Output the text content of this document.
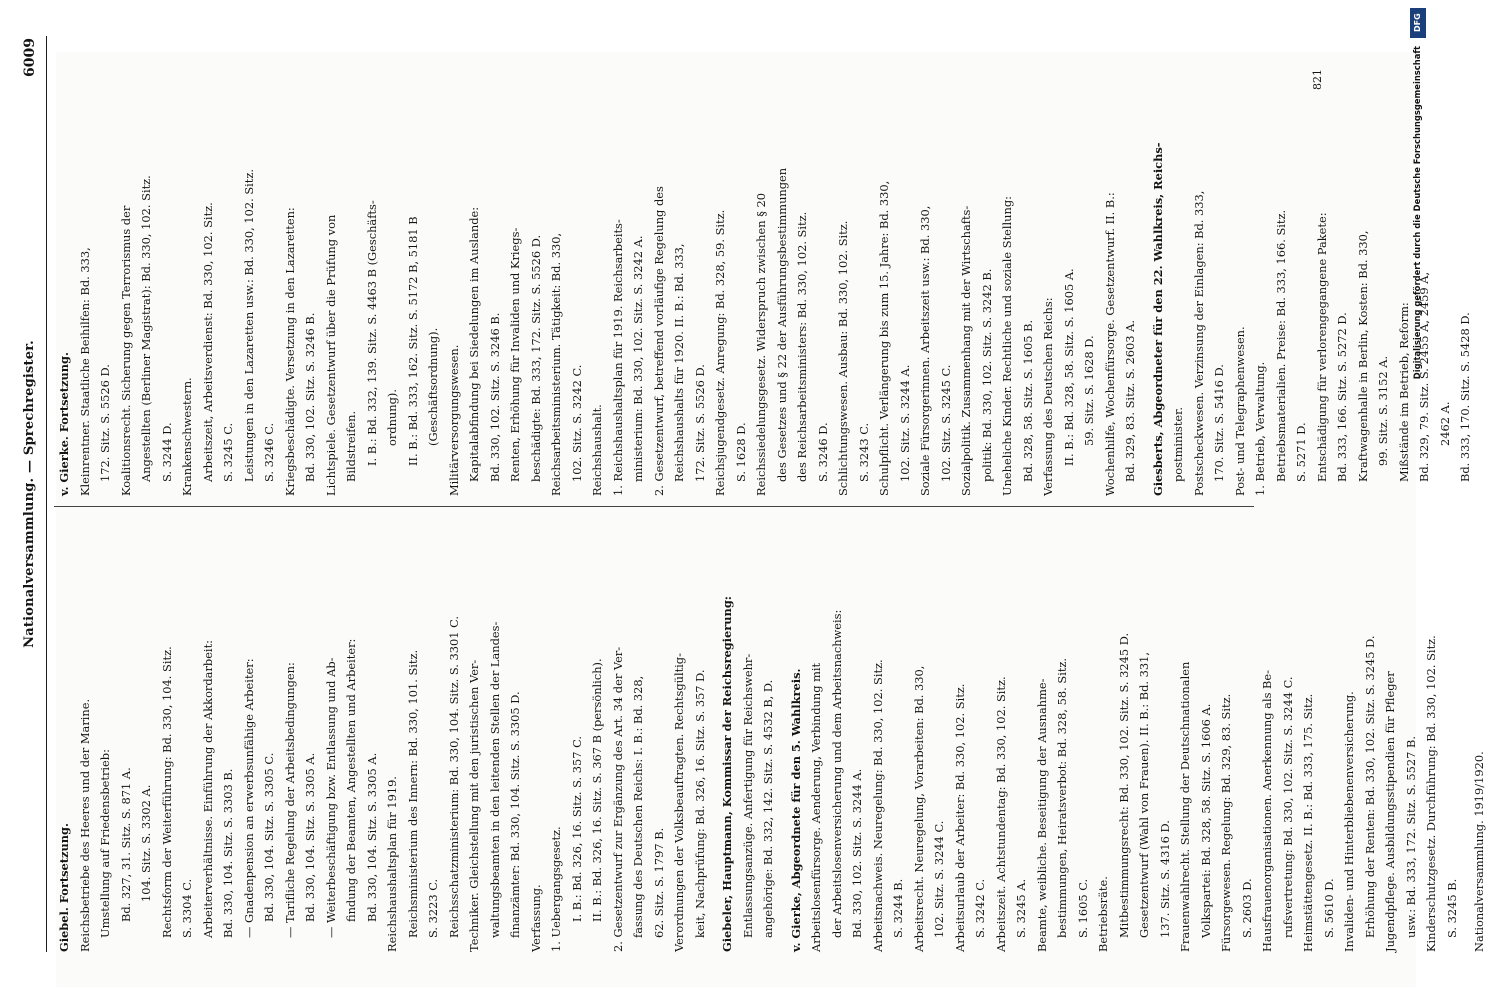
Nationalversammlung. — Sprechregister.
6009
Giebel. Fortsetzung. Reichsbetriebe des Heeres und der Marine. Umstellung auf Friedensbetrieb: Bd. 327, 31. Sitz. S. 871 A. 104. Sitz. S. 3302 A. Rechtsform der Weiterführung: Bd. 330, 104. Sitz. S. 3304 C. Arbeiterverhältnisse. Einführung der Akkordarbeit: Bd. 330, 104. Sitz. S. 3303 B. — Gnadenpension an erwerbsunfähige Arbeiter: Bd. 330, 104. Sitz. S. 3305 C. — Tarifliche Regelung der Arbeitsbedingungen: Bd. 330, 104. Sitz. S. 3305 A. — Weiterbeschäftigung bzw. Entlassung und Ab- findung der Beamten, Angestellten und Arbeiter: Bd. 330, 104. Sitz. S. 3305 A. Reichshaushaltsplan für 1919. Reichsministerium des Innern: Bd. 330, 101. Sitz. S. 3223 C. Reichsschatzministerium: Bd. 330, 104. Sitz. S. 3301 C. Techniker. Gleichstellung mit den juristischen Ver- waltungsbeamten in den leitenden Stellen der Landes- finanzämter: Bd. 330, 104. Sitz. S. 3305 D. Verfassung. 1. Uebergangsgesetz. I. B.: Bd. 326, 16. Sitz. S. 357 C. II. B.: Bd. 326, 16. Sitz. S. 367 B (persönlich). 2. Gesetzentwurf zur Ergänzung des Art. 34 der Ver- fassung des Deutschen Reichs: I. B.: Bd. 328, 62. Sitz. S. 1797 B. Verordnungen der Volksbeauftragten. Rechtsgültig- keit, Nachprüfung: Bd. 326, 16. Sitz. S. 357 D.	Giebeler, Hauptmann, Kommissar der Reichsregierung: Entlassungsanzüge. Anfertigung für Reichswehr- angehörige: Bd. 332, 142. Sitz. S. 4532 B, D.	v. Gierke, Abgeordnete für den 5. Wahlkreis. Arbeitslosenfürsorge. Aenderung, Verbindung mit der Arbeitslosenversicherung und dem Arbeitsnachweis: Bd. 330, 102. Sitz. S. 3244 A. Arbeitsnachweis. Neuregelung: Bd. 330, 102. Sitz. S. 3244 B. Arbeitsrecht. Neuregelung, Vorarbeiten: Bd. 330, 102. Sitz. S. 3244 C. Arbeitsurlaub der Arbeiter: Bd. 330, 102. Sitz. S. 3242 C. Arbeitszeit. Achtstundentag: Bd. 330, 102. Sitz. S. 3245 A. Beamte, weibliche. Beseitigung der Ausnahme- bestimmungen, Heiratsverbot: Bd. 328, 58. Sitz. S. 1605 C. Betriebsräte. Mitbestimmungsrecht: Bd. 330, 102. Sitz. S. 3245 D. Gesetzentwurf (Wahl von Frauen). II. B.: Bd. 331, 137. Sitz. S. 4316 D. Frauenwahlrecht. Stellung der Deutschnationalen Volkspartei: Bd. 328, 58. Sitz. S. 1606 A. Fürsorgewesen. Regelung: Bd. 329, 83. Sitz. S. 2603 D. Hausfrauenorganisationen. Anerkennung als Be- rufsvertretung: Bd. 330, 102. Sitz. S. 3244 C. Heimstättengesetz. II. B.: Bd. 333, 175. Sitz. S. 5610 D. Invaliden- und Hinterbliebenenversicherung. Erhöhung der Renten: Bd. 330, 102. Sitz. S. 3245 D. Jugendpflege. Ausbildungsstipendien für Pfleger usw.: Bd. 333, 172. Sitz. S. 5527 B. Kinderschutzgesetz. Durchführung: Bd. 330, 102. Sitz. S. 3245 B.	Nationalversammlung. 1919/1920.
v. Gierke. Fortsetzung. Kleinrentner. Staatliche Beihilfen: Bd. 333, 172. Sitz. S. 5526 D. Koalitionsrecht. Sicherung gegen Terrorismus der Angestellten (Berliner Magistrat): Bd. 330, 102. Sitz. S. 3244 D. Krankenschwestern. Arbeitszeit, Arbeitsverdienst: Bd. 330, 102. Sitz. S. 3245 C. Leistungen in den Lazaretten usw.: Bd. 330, 102. Sitz. S. 3246 C. Kriegsbeschädigte. Versetzung in den Lazaretten: Bd. 330, 102. Sitz. S. 3246 B. Lichtspiele. Gesetzentwurf über die Prüfung von Bildstreifen. I. B.: Bd. 332, 139. Sitz. S. 4463 B (Geschäfts- ordnung). II. B.: Bd. 333, 162. Sitz. S. 5172 B, 5181 B (Geschäftsordnung). Militärversorgungswesen. Kapitalabfindung bei Siedelungen im Auslande: Bd. 330, 102. Sitz. S. 3246 B. Renten, Erhöhung für Invaliden und Kriegs- beschädigte: Bd. 333, 172. Sitz. S. 5526 D. Reichsarbeitsministerium. Tätigkeit: Bd. 330, 102. Sitz. S. 3242 C. Reichshaushalt. 1. Reichshaushaltsplan für 1919. Reichsarbeits- ministerium: Bd. 330, 102. Sitz. S. 3242 A. 2. Gesetzentwurf, betreffend vorläufige Regelung des Reichshaushalts für 1920. II. B.: Bd. 333, 172. Sitz. S. 5526 D. Reichsjugendgesetz. Anregung: Bd. 328, 59. Sitz. S. 1628 D. Reichssiedelungsgesetz. Widerspruch zwischen § 20 des Gesetzes und § 22 der Ausführungsbestimmungen des Reichsarbeitsministers: Bd. 330, 102. Sitz. S. 3246 D. Schlichtungswesen. Ausbau: Bd. 330, 102. Sitz. S. 3243 C. Schulpflicht. Verlängerung bis zum 15. Jahre: Bd. 330, 102. Sitz. S. 3244 A. Soziale Fürsorgerinnen. Arbeitszeit usw.: Bd. 330, 102. Sitz. S. 3245 C. Sozialpolitik. Zusammenhang mit der Wirtschafts- politik: Bd. 330, 102. Sitz. S. 3242 B. Uneheliche Kinder. Rechtliche und soziale Stellung: Bd. 328, 58. Sitz. S. 1605 B. Verfassung des Deutschen Reichs: II. B.: Bd. 328, 58. Sitz. S. 1605 A. 59. Sitz. S. 1628 D. Wochenhilfe, Wochenfürsorge. Gesetzentwurf. II. B.: Bd. 329, 83. Sitz. S. 2603 A.	Giesberts, Abgeordneter für den 22. Wahlkreis, Reichs- postminister. Postscheckwesen. Verzinsung der Einlagen: Bd. 333, 170. Sitz. S. 5416 D. Post- und Telegraphenwesen. 1. Betrieb, Verwaltung. Betriebsmaterialien. Preise: Bd. 333, 166. Sitz. S. 5271 D. Entschädigung für verlorengegangene Pakete: Bd. 333, 166. Sitz. S. 5272 D. Kraftwagenhalle in Berlin, Kosten: Bd. 330, 99. Sitz. S. 3152 A. Mißstände im Betrieb, Reform: Bd. 329, 79. Sitz. S. 2455 A, 2459 A, 2462 A. Bd. 333, 170. Sitz. S. 5428 D.
821
DFG
Digitalisierung gefördert durch die Deutsche Forschungsgemeinschaft
